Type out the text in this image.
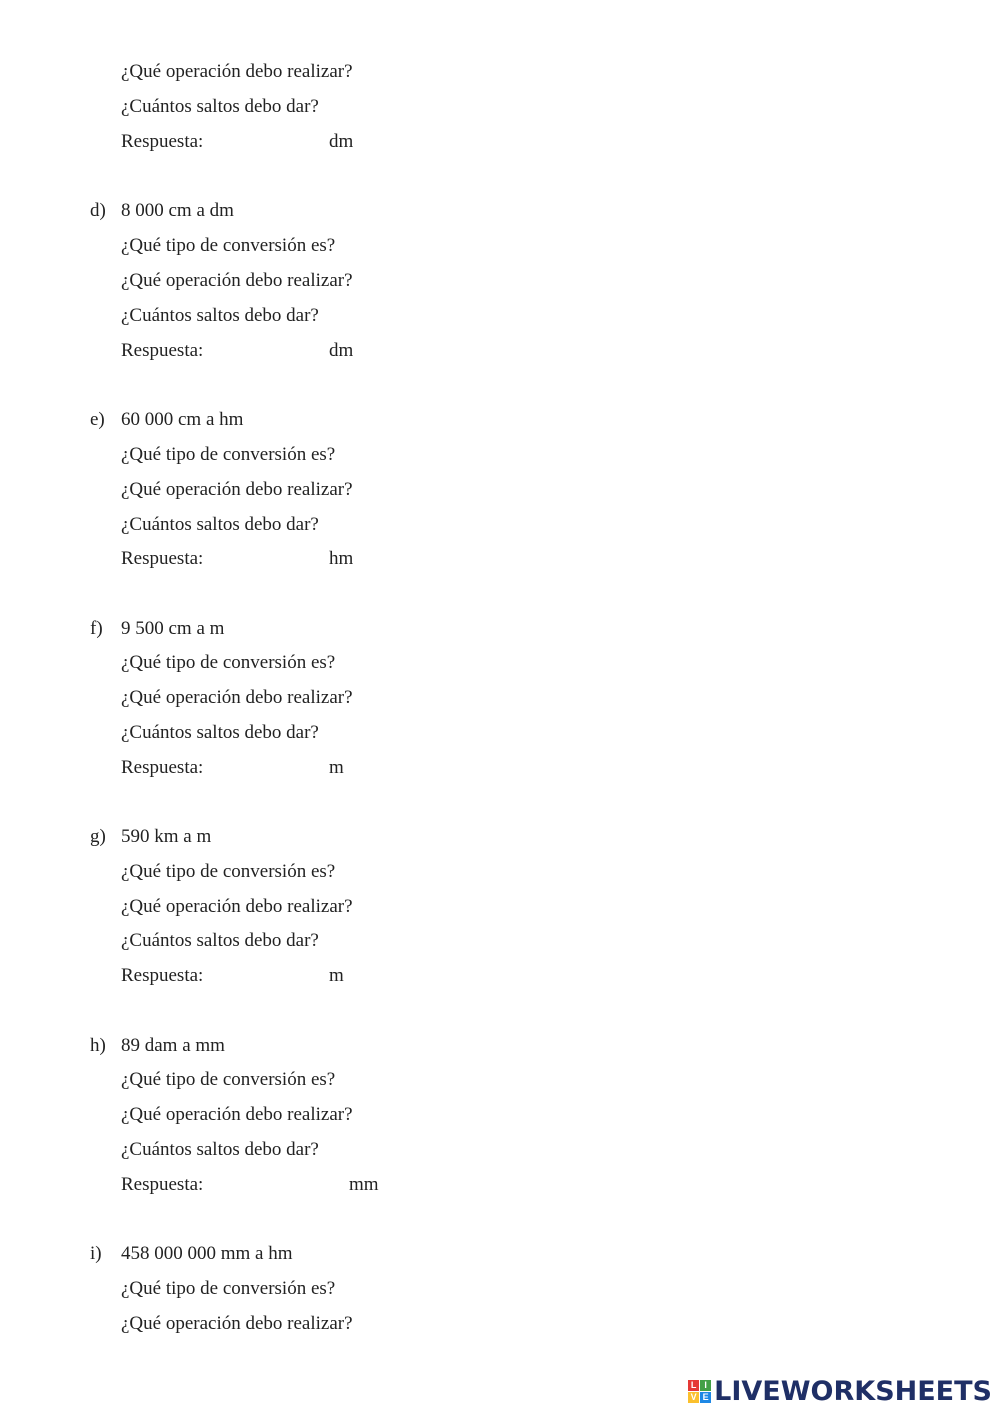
¿Qué operación debo realizar?
¿Cuántos saltos debo dar?
Respuesta:	dm
d) 8 000 cm a dm
¿Qué tipo de conversión es?
¿Qué operación debo realizar?
¿Cuántos saltos debo dar?
Respuesta:	dm
e) 60 000 cm a hm
¿Qué tipo de conversión es?
¿Qué operación debo realizar?
¿Cuántos saltos debo dar?
Respuesta:	hm
f) 9 500 cm a m
¿Qué tipo de conversión es?
¿Qué operación debo realizar?
¿Cuántos saltos debo dar?
Respuesta:	m
g) 590 km a m
¿Qué tipo de conversión es?
¿Qué operación debo realizar?
¿Cuántos saltos debo dar?
Respuesta:	m
h) 89 dam a mm
¿Qué tipo de conversión es?
¿Qué operación debo realizar?
¿Cuántos saltos debo dar?
Respuesta:	mm
i) 458 000 000 mm a hm
¿Qué tipo de conversión es?
¿Qué operación debo realizar?
L I
V E LIVEWORKSHEETS
